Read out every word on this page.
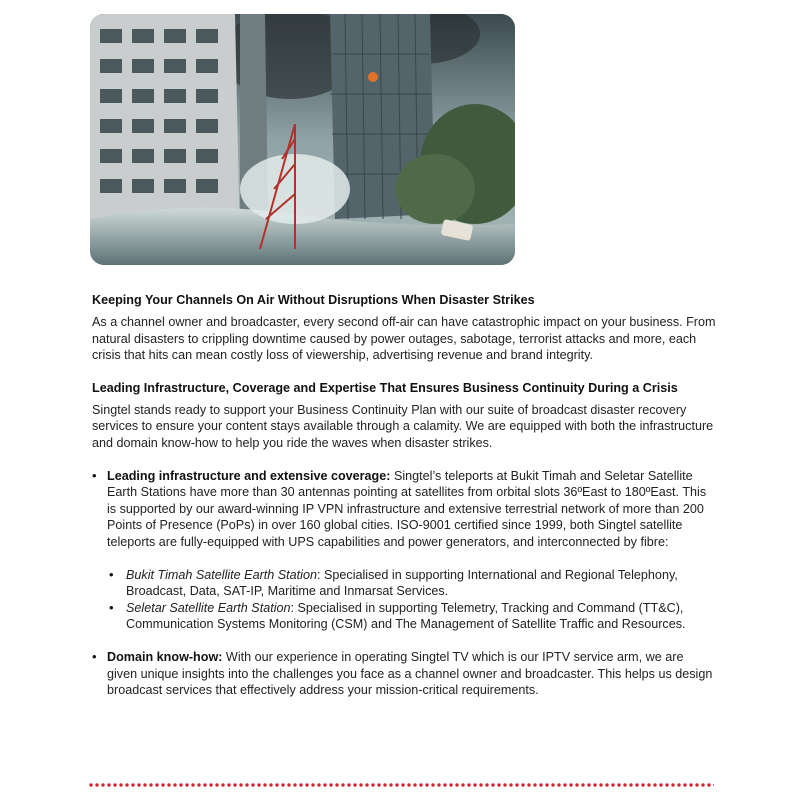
Keeping Your Channels On Air Without Disruptions When Disaster Strikes

As a channel owner and broadcaster, every second off-air can have catastrophic impact on your business. From natural disasters to crippling downtime caused by power outages, sabotage, terrorist attacks and more, each crisis that hits can mean costly loss of viewership, advertising revenue and brand integrity.

Leading Infrastructure, Coverage and Expertise That Ensures Business Continuity During a Crisis

Singtel stands ready to support your Business Continuity Plan with our suite of broadcast disaster recovery services to ensure your content stays available through a calamity. We are equipped with both the infrastructure and domain know-how to help you ride the waves when disaster strikes.

• Leading infrastructure and extensive coverage: Singtel’s teleports at Bukit Timah and Seletar Satellite Earth Stations have more than 30 antennas pointing at satellites from orbital slots 36ºEast to 180ºEast. This is supported by our award-winning IP VPN infrastructure and extensive terrestrial network of more than 200 Points of Presence (PoPs) in over 160 global cities. ISO-9001 certified since 1999, both Singtel satellite teleports are fully-equipped with UPS capabilities and power generators, and interconnected by fibre:
• Bukit Timah Satellite Earth Station: Specialised in supporting International and Regional Telephony, Broadcast, Data, SAT-IP, Maritime and Inmarsat Services.
• Seletar Satellite Earth Station: Specialised in supporting Telemetry, Tracking and Command (TT&C), Communication Systems Monitoring (CSM) and The Management of Satellite Traffic and Resources.
• Domain know-how: With our experience in operating Singtel TV which is our IPTV service arm, we are given unique insights into the challenges you face as a channel owner and broadcaster. This helps us design broadcast services that effectively address your mission-critical requirements.
